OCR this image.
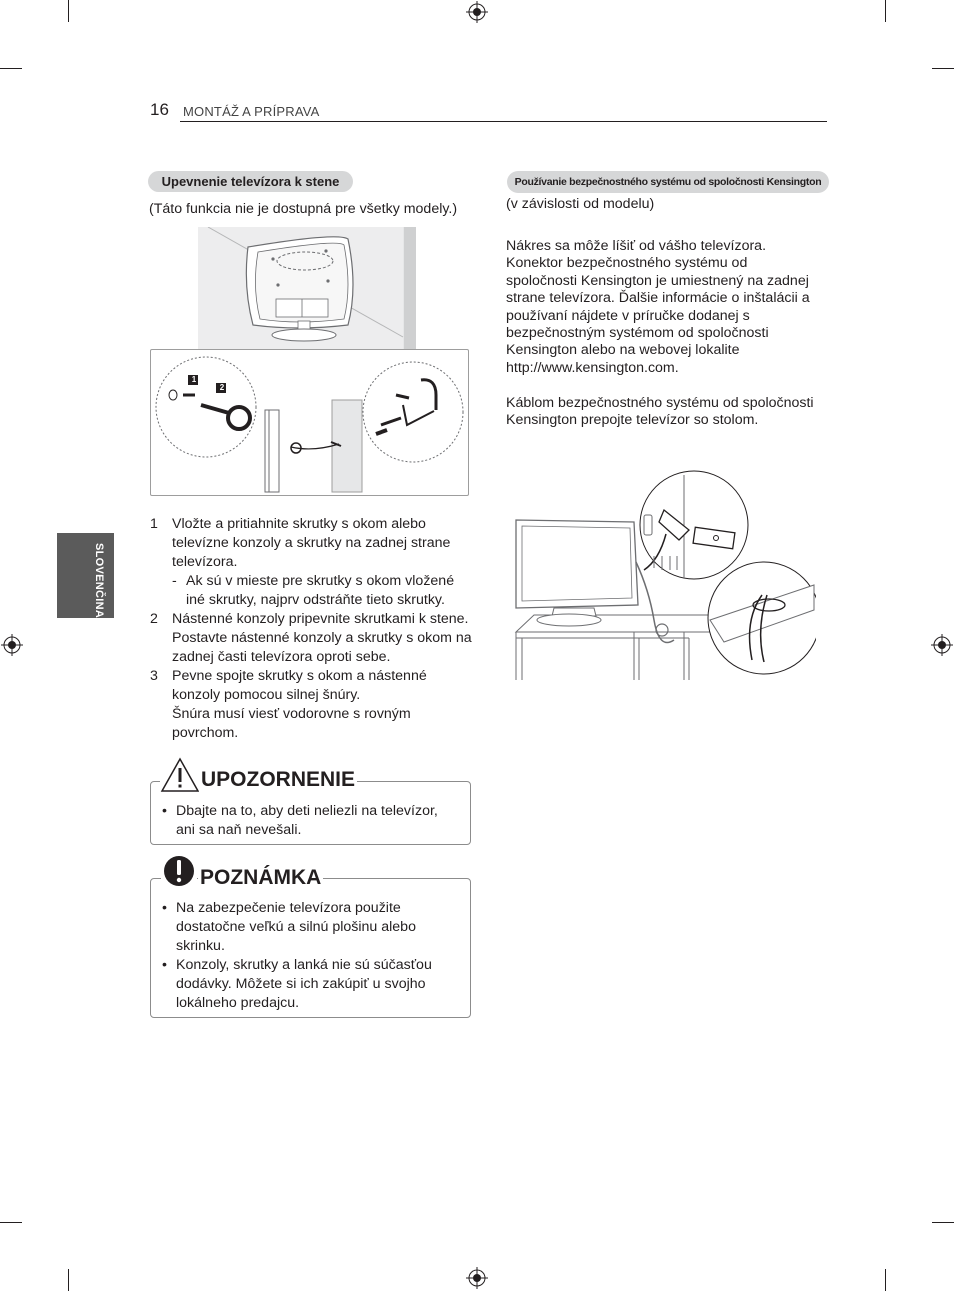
16 MONTÁŽ A PRÍPRAVA
SLOVENČINA
Upevnenie televízora k stene
(Táto funkcia nie je dostupná pre všetky modely.)
1
2
1 Vložte a pritiahnite skrutky s okom alebo televízne konzoly a skrutky na zadnej strane televízora.
- Ak sú v mieste pre skrutky s okom vložené iné skrutky, najprv odstráňte tieto skrutky.
2 Nástenné konzoly pripevnite skrutkami k stene. Postavte nástenné konzoly a skrutky s okom na zadnej časti televízora oproti sebe.
3 Pevne spojte skrutky s okom a nástenné konzoly pomocou silnej šnúry.
Šnúra musí viesť vodorovne s rovným povrchom.
UPOZORNENIE
• Dbajte na to, aby deti neliezli na televízor, ani sa naň nevešali.
POZNÁMKA
• Na zabezpečenie televízora použite dostatočne veľkú a silnú plošinu alebo skrinku.
• Konzoly, skrutky a lanká nie sú súčasťou dodávky. Môžete si ich zakúpiť u svojho lokálneho predajcu.
Používanie bezpečnostného systému od spoločnosti Kensington
(v závislosti od modelu)
Nákres sa môže líšiť od vášho televízora. Konektor bezpečnostného systému od spoločnosti Kensington je umiestnený na zadnej strane televízora. Ďalšie informácie o inštalácii a používaní nájdete v príručke dodanej s bezpečnostným systémom od spoločnosti Kensington alebo na webovej lokalite http://www.kensington.com.
Káblom bezpečnostného systému od spoločnosti Kensington prepojte televízor so stolom.
